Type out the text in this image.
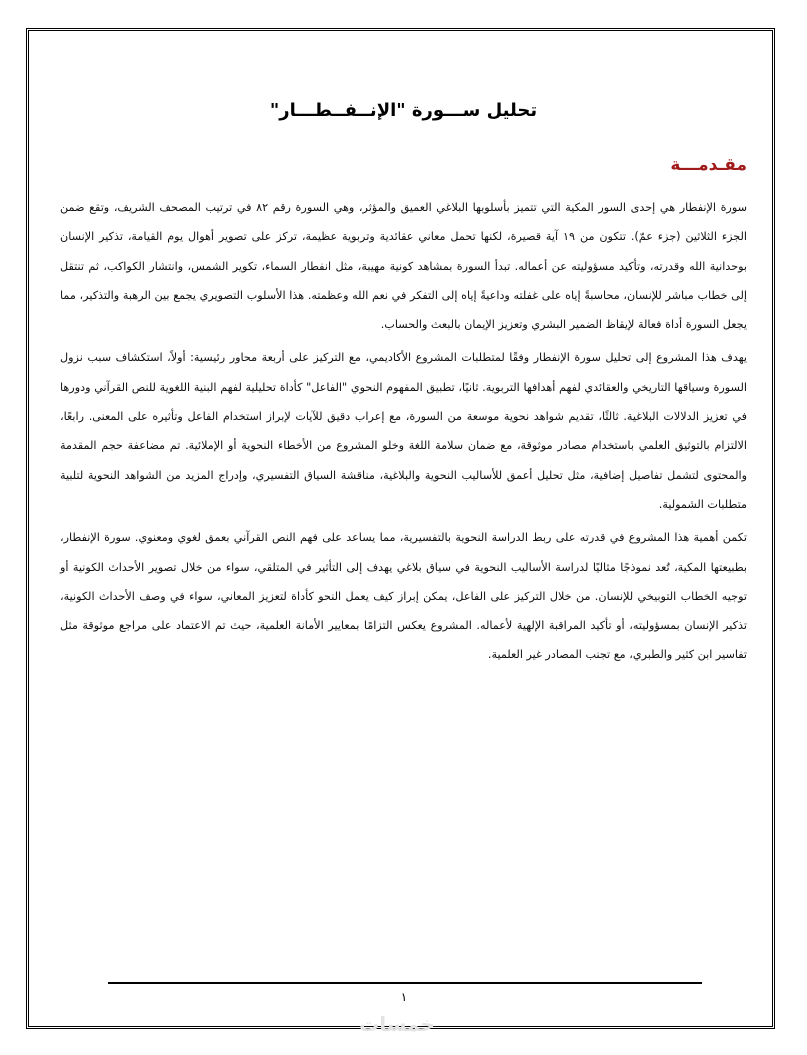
تحليل ســـورة "الإنــفــطـــار"
مقـدمـــة

سورة الإنفطار هي إحدى السور المكية التي تتميز بأسلوبها البلاغي العميق والمؤثر، وهي السورة رقم ٨٢ في ترتيب المصحف الشريف، وتقع ضمن الجزء الثلاثين (جزء عمّ). تتكون من ١٩ آية قصيرة، لكنها تحمل معاني عقائدية وتربوية عظيمة، تركز على تصوير أهوال يوم القيامة، تذكير الإنسان بوحدانية الله وقدرته، وتأكيد مسؤوليته عن أعماله. تبدأ السورة بمشاهد كونية مهيبة، مثل انفطار السماء، تكوير الشمس، وانتشار الكواكب، ثم تنتقل إلى خطاب مباشر للإنسان، محاسبةً إياه على غفلته وداعيةً إياه إلى التفكر في نعم الله وعظمته. هذا الأسلوب التصويري يجمع بين الرهبة والتذكير، مما يجعل السورة أداة فعالة لإيقاظ الضمير البشري وتعزيز الإيمان بالبعث والحساب.

يهدف هذا المشروع إلى تحليل سورة الإنفطار وفقًا لمتطلبات المشروع الأكاديمي، مع التركيز على أربعة محاور رئيسية: أولاً، استكشاف سبب نزول السورة وسياقها التاريخي والعقائدي لفهم أهدافها التربوية. ثانيًا، تطبيق المفهوم النحوي "الفاعل" كأداة تحليلية لفهم البنية اللغوية للنص القرآني ودورها في تعزيز الدلالات البلاغية. ثالثًا، تقديم شواهد نحوية موسعة من السورة، مع إعراب دقيق للآيات لإبراز استخدام الفاعل وتأثيره على المعنى. رابعًا، الالتزام بالتوثيق العلمي باستخدام مصادر موثوقة، مع ضمان سلامة اللغة وخلو المشروع من الأخطاء النحوية أو الإملائية. تم مضاعفة حجم المقدمة والمحتوى لتشمل تفاصيل إضافية، مثل تحليل أعمق للأساليب النحوية والبلاغية، مناقشة السياق التفسيري، وإدراج المزيد من الشواهد النحوية لتلبية متطلبات الشمولية.

تكمن أهمية هذا المشروع في قدرته على ربط الدراسة النحوية بالتفسيرية، مما يساعد على فهم النص القرآني بعمق لغوي ومعنوي. سورة الإنفطار، بطبيعتها المكية، تُعد نموذجًا مثاليًا لدراسة الأساليب النحوية في سياق بلاغي يهدف إلى التأثير في المتلقي، سواء من خلال تصوير الأحداث الكونية أو توجيه الخطاب التوبيخي للإنسان. من خلال التركيز على الفاعل، يمكن إبراز كيف يعمل النحو كأداة لتعزيز المعاني، سواء في وصف الأحداث الكونية، تذكير الإنسان بمسؤوليته، أو تأكيد المراقبة الإلهية لأعماله. المشروع يعكس التزامًا بمعايير الأمانة العلمية، حيث تم الاعتماد على مراجع موثوقة مثل تفاسير ابن كثير والطبري، مع تجنب المصادر غير العلمية.

١
خمسات
